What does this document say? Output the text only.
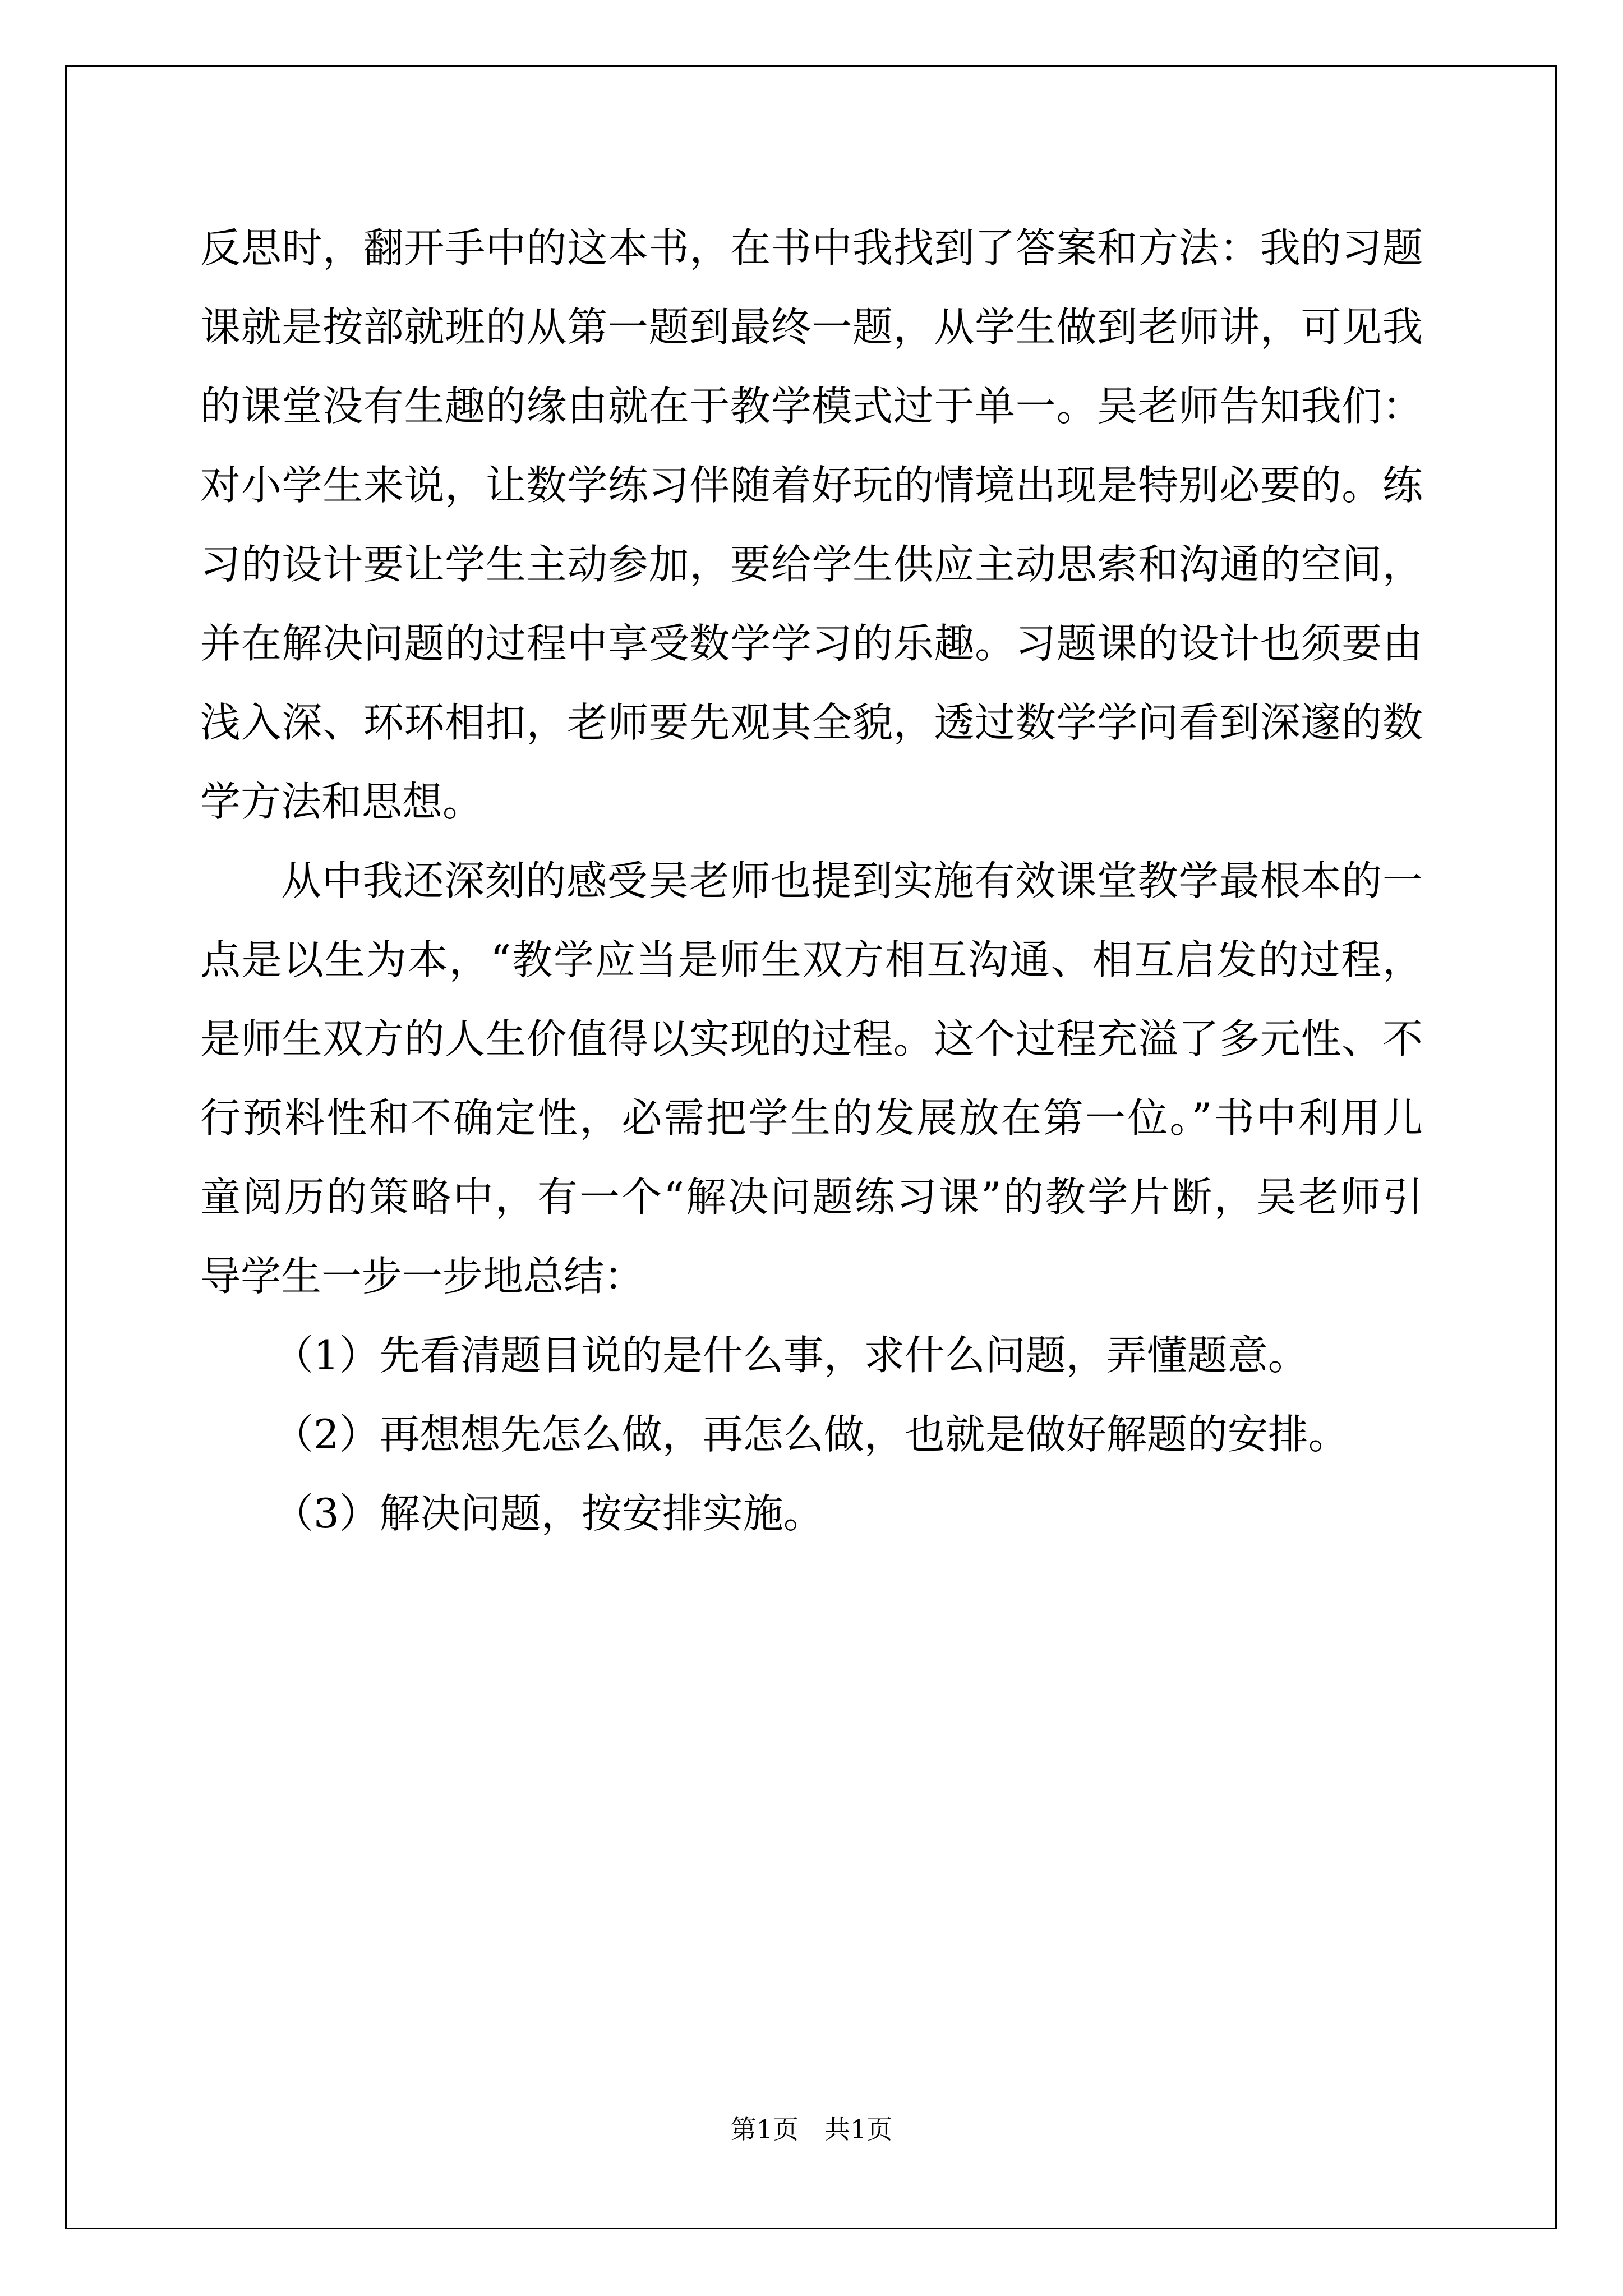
反思时，翻开手中的这本书，在书中我找到了答案和方法：我的习题
课就是按部就班的从第一题到最终一题，从学生做到老师讲，可见我
的课堂没有生趣的缘由就在于教学模式过于单一。吴老师告知我们：
对小学生来说，让数学练习伴随着好玩的情境出现是特别必要的。练
习的设计要让学生主动参加，要给学生供应主动思索和沟通的空间，
并在解决问题的过程中享受数学学习的乐趣。习题课的设计也须要由
浅入深、环环相扣，老师要先观其全貌，透过数学学问看到深邃的数
学方法和思想。
从中我还深刻的感受吴老师也提到实施有效课堂教学最根本的一
点是以生为本，“教学应当是师生双方相互沟通、相互启发的过程，
是师生双方的人生价值得以实现的过程。这个过程充溢了多元性、不
行预料性和不确定性，必需把学生的发展放在第一位。”书中利用儿
童阅历的策略中，有一个“解决问题练习课”的教学片断，吴老师引
导学生一步一步地总结：
（1）先看清题目说的是什么事，求什么问题，弄懂题意。
（2）再想想先怎么做，再怎么做，也就是做好解题的安排。
（3）解决问题，按安排实施。
第1页　共1页
